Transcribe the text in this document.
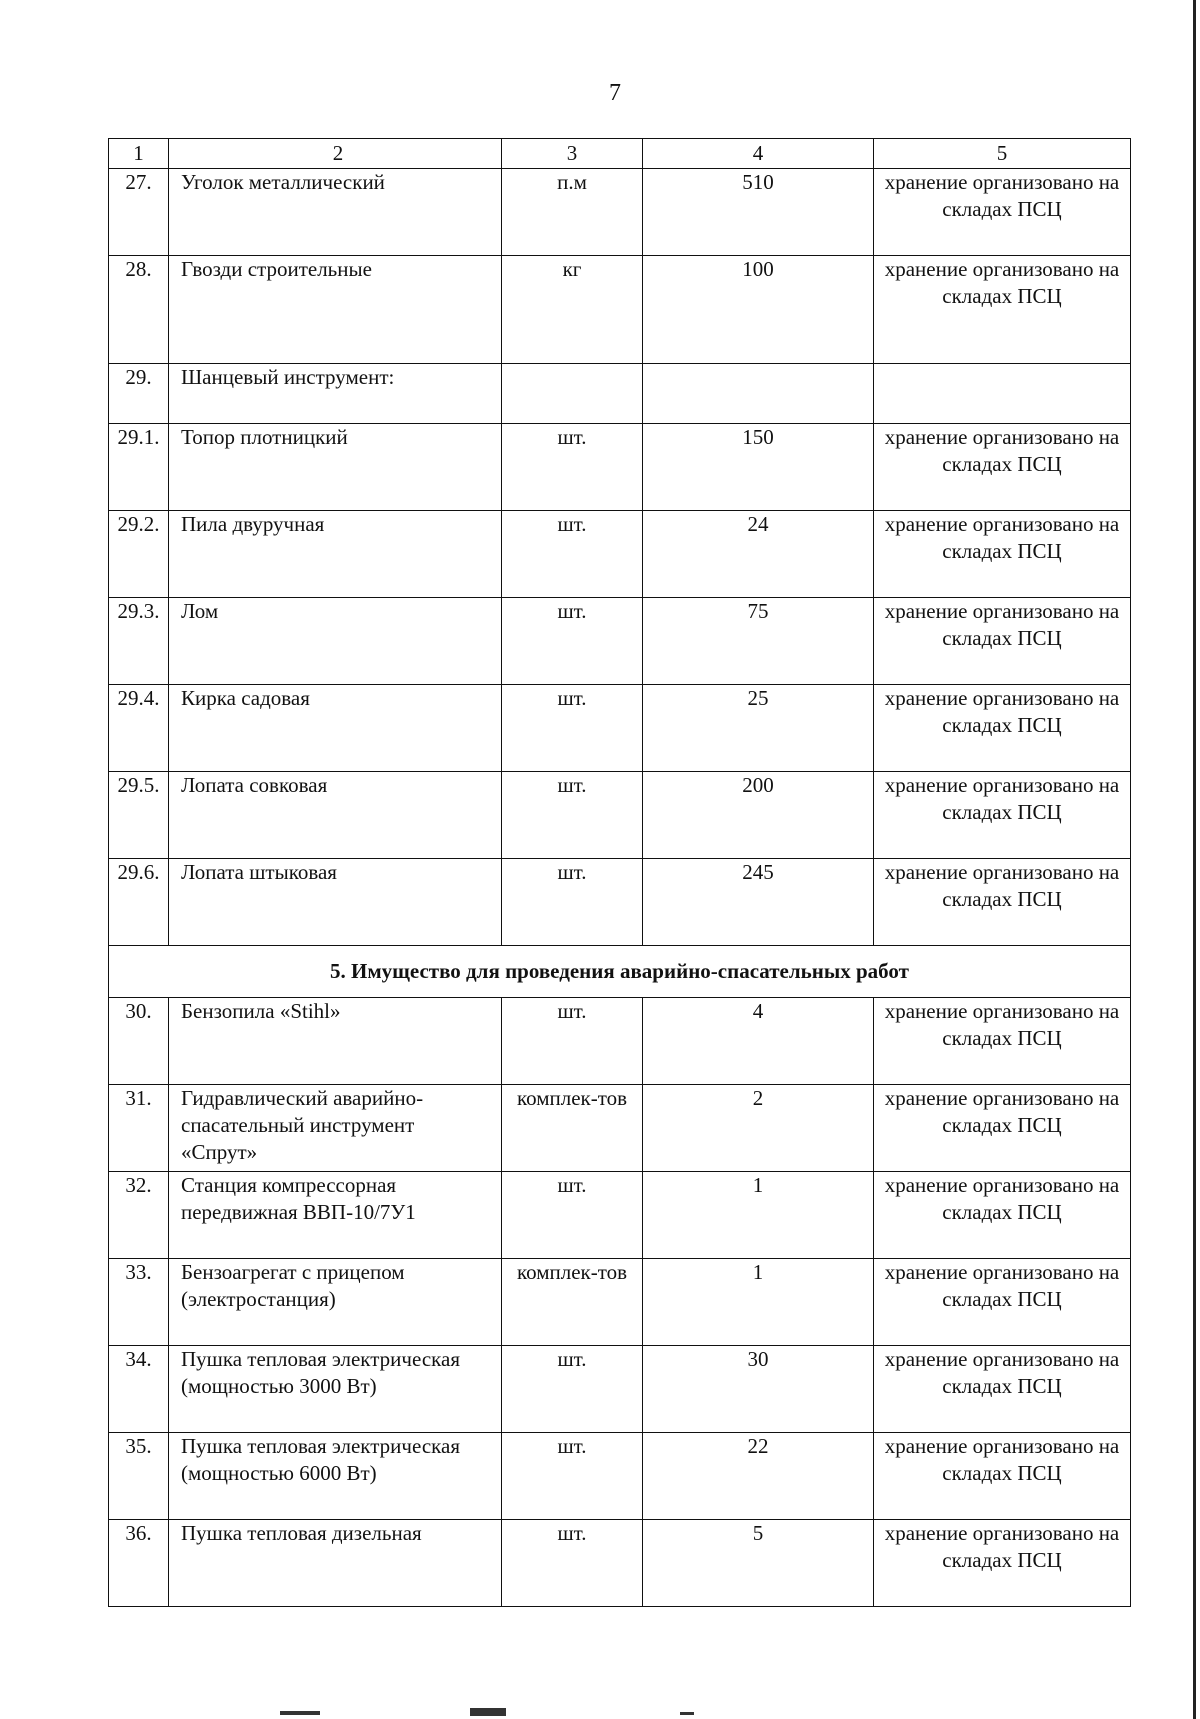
7
1	2	3	4	5
27.	Уголок металлический	п.м	510	хранение организовано на складах ПСЦ
28.	Гвозди строительные	кг	100	хранение организовано на складах ПСЦ
29.	Шанцевый инструмент:			
29.1.	Топор плотницкий	шт.	150	хранение организовано на складах ПСЦ
29.2.	Пила двуручная	шт.	24	хранение организовано на складах ПСЦ
29.3.	Лом	шт.	75	хранение организовано на складах ПСЦ
29.4.	Кирка садовая	шт.	25	хранение организовано на складах ПСЦ
29.5.	Лопата совковая	шт.	200	хранение организовано на складах ПСЦ
29.6.	Лопата штыковая	шт.	245	хранение организовано на складах ПСЦ
5. Имущество для проведения аварийно-спасательных работ				
30.	Бензопила «Stihl»	шт.	4	хранение организовано на складах ПСЦ
31.	Гидравлический аварийно-спасательный инструмент «Спрут»	комплек-тов	2	хранение организовано на складах ПСЦ
32.	Станция компрессорная передвижная ВВП-10/7У1	шт.	1	хранение организовано на складах ПСЦ
33.	Бензоагрегат с прицепом (электростанция)	комплек-тов	1	хранение организовано на складах ПСЦ
34.	Пушка тепловая электрическая (мощностью 3000 Вт)	шт.	30	хранение организовано на складах ПСЦ
35.	Пушка тепловая электрическая (мощностью 6000 Вт)	шт.	22	хранение организовано на складах ПСЦ
36.	Пушка тепловая дизельная	шт.	5	хранение организовано на складах ПСЦ
